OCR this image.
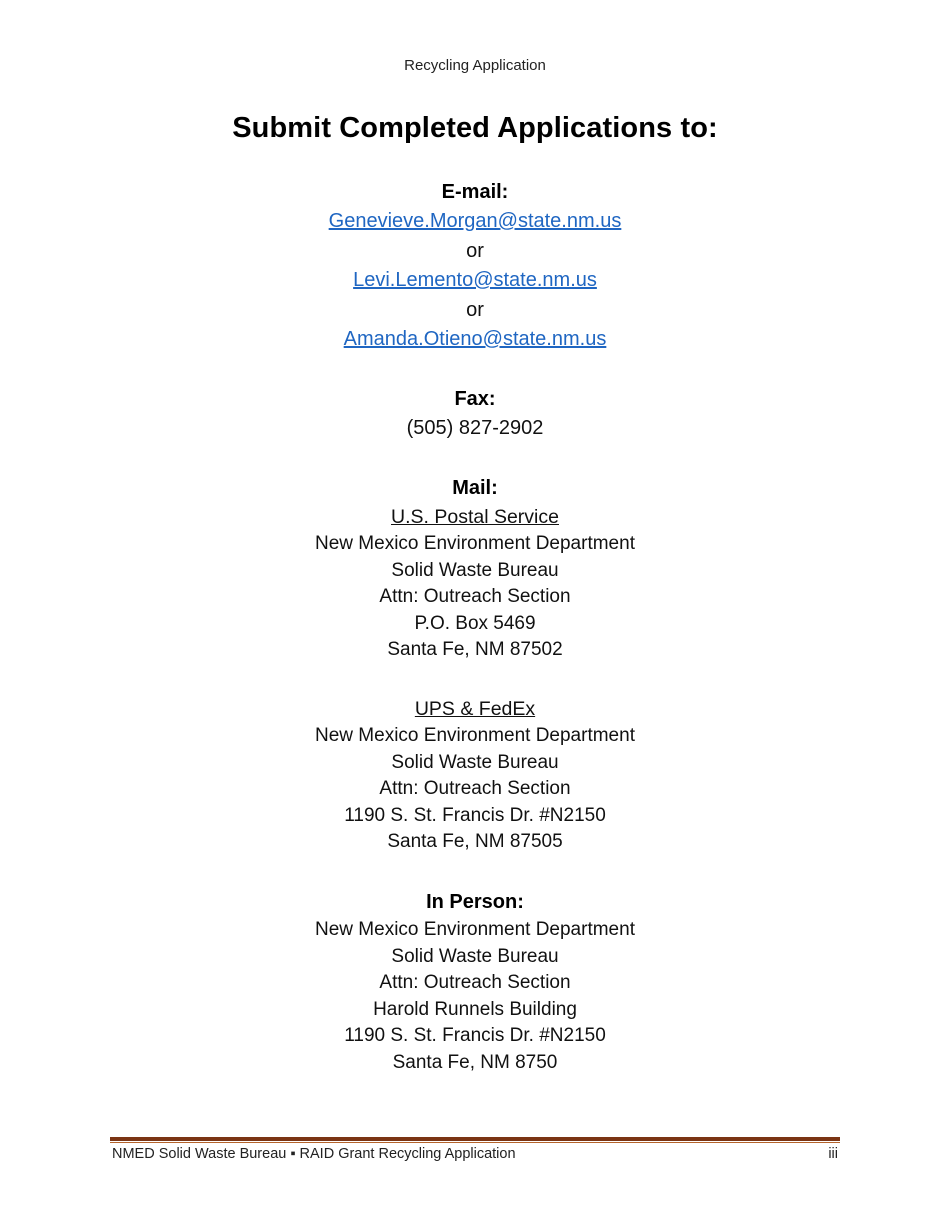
Recycling Application
Submit Completed Applications to:
E-mail:
Genevieve.Morgan@state.nm.us
or
Levi.Lemento@state.nm.us
or
Amanda.Otieno@state.nm.us
Fax:
(505) 827-2902
Mail:
U.S. Postal Service
New Mexico Environment Department
Solid Waste Bureau
Attn: Outreach Section
P.O. Box 5469
Santa Fe, NM 87502
UPS & FedEx
New Mexico Environment Department
Solid Waste Bureau
Attn: Outreach Section
1190 S. St. Francis Dr. #N2150
Santa Fe, NM 87505
In Person:
New Mexico Environment Department
Solid Waste Bureau
Attn: Outreach Section
Harold Runnels Building
1190 S. St. Francis Dr. #N2150
Santa Fe, NM 8750
NMED Solid Waste Bureau ▪ RAID Grant Recycling Application	iii
